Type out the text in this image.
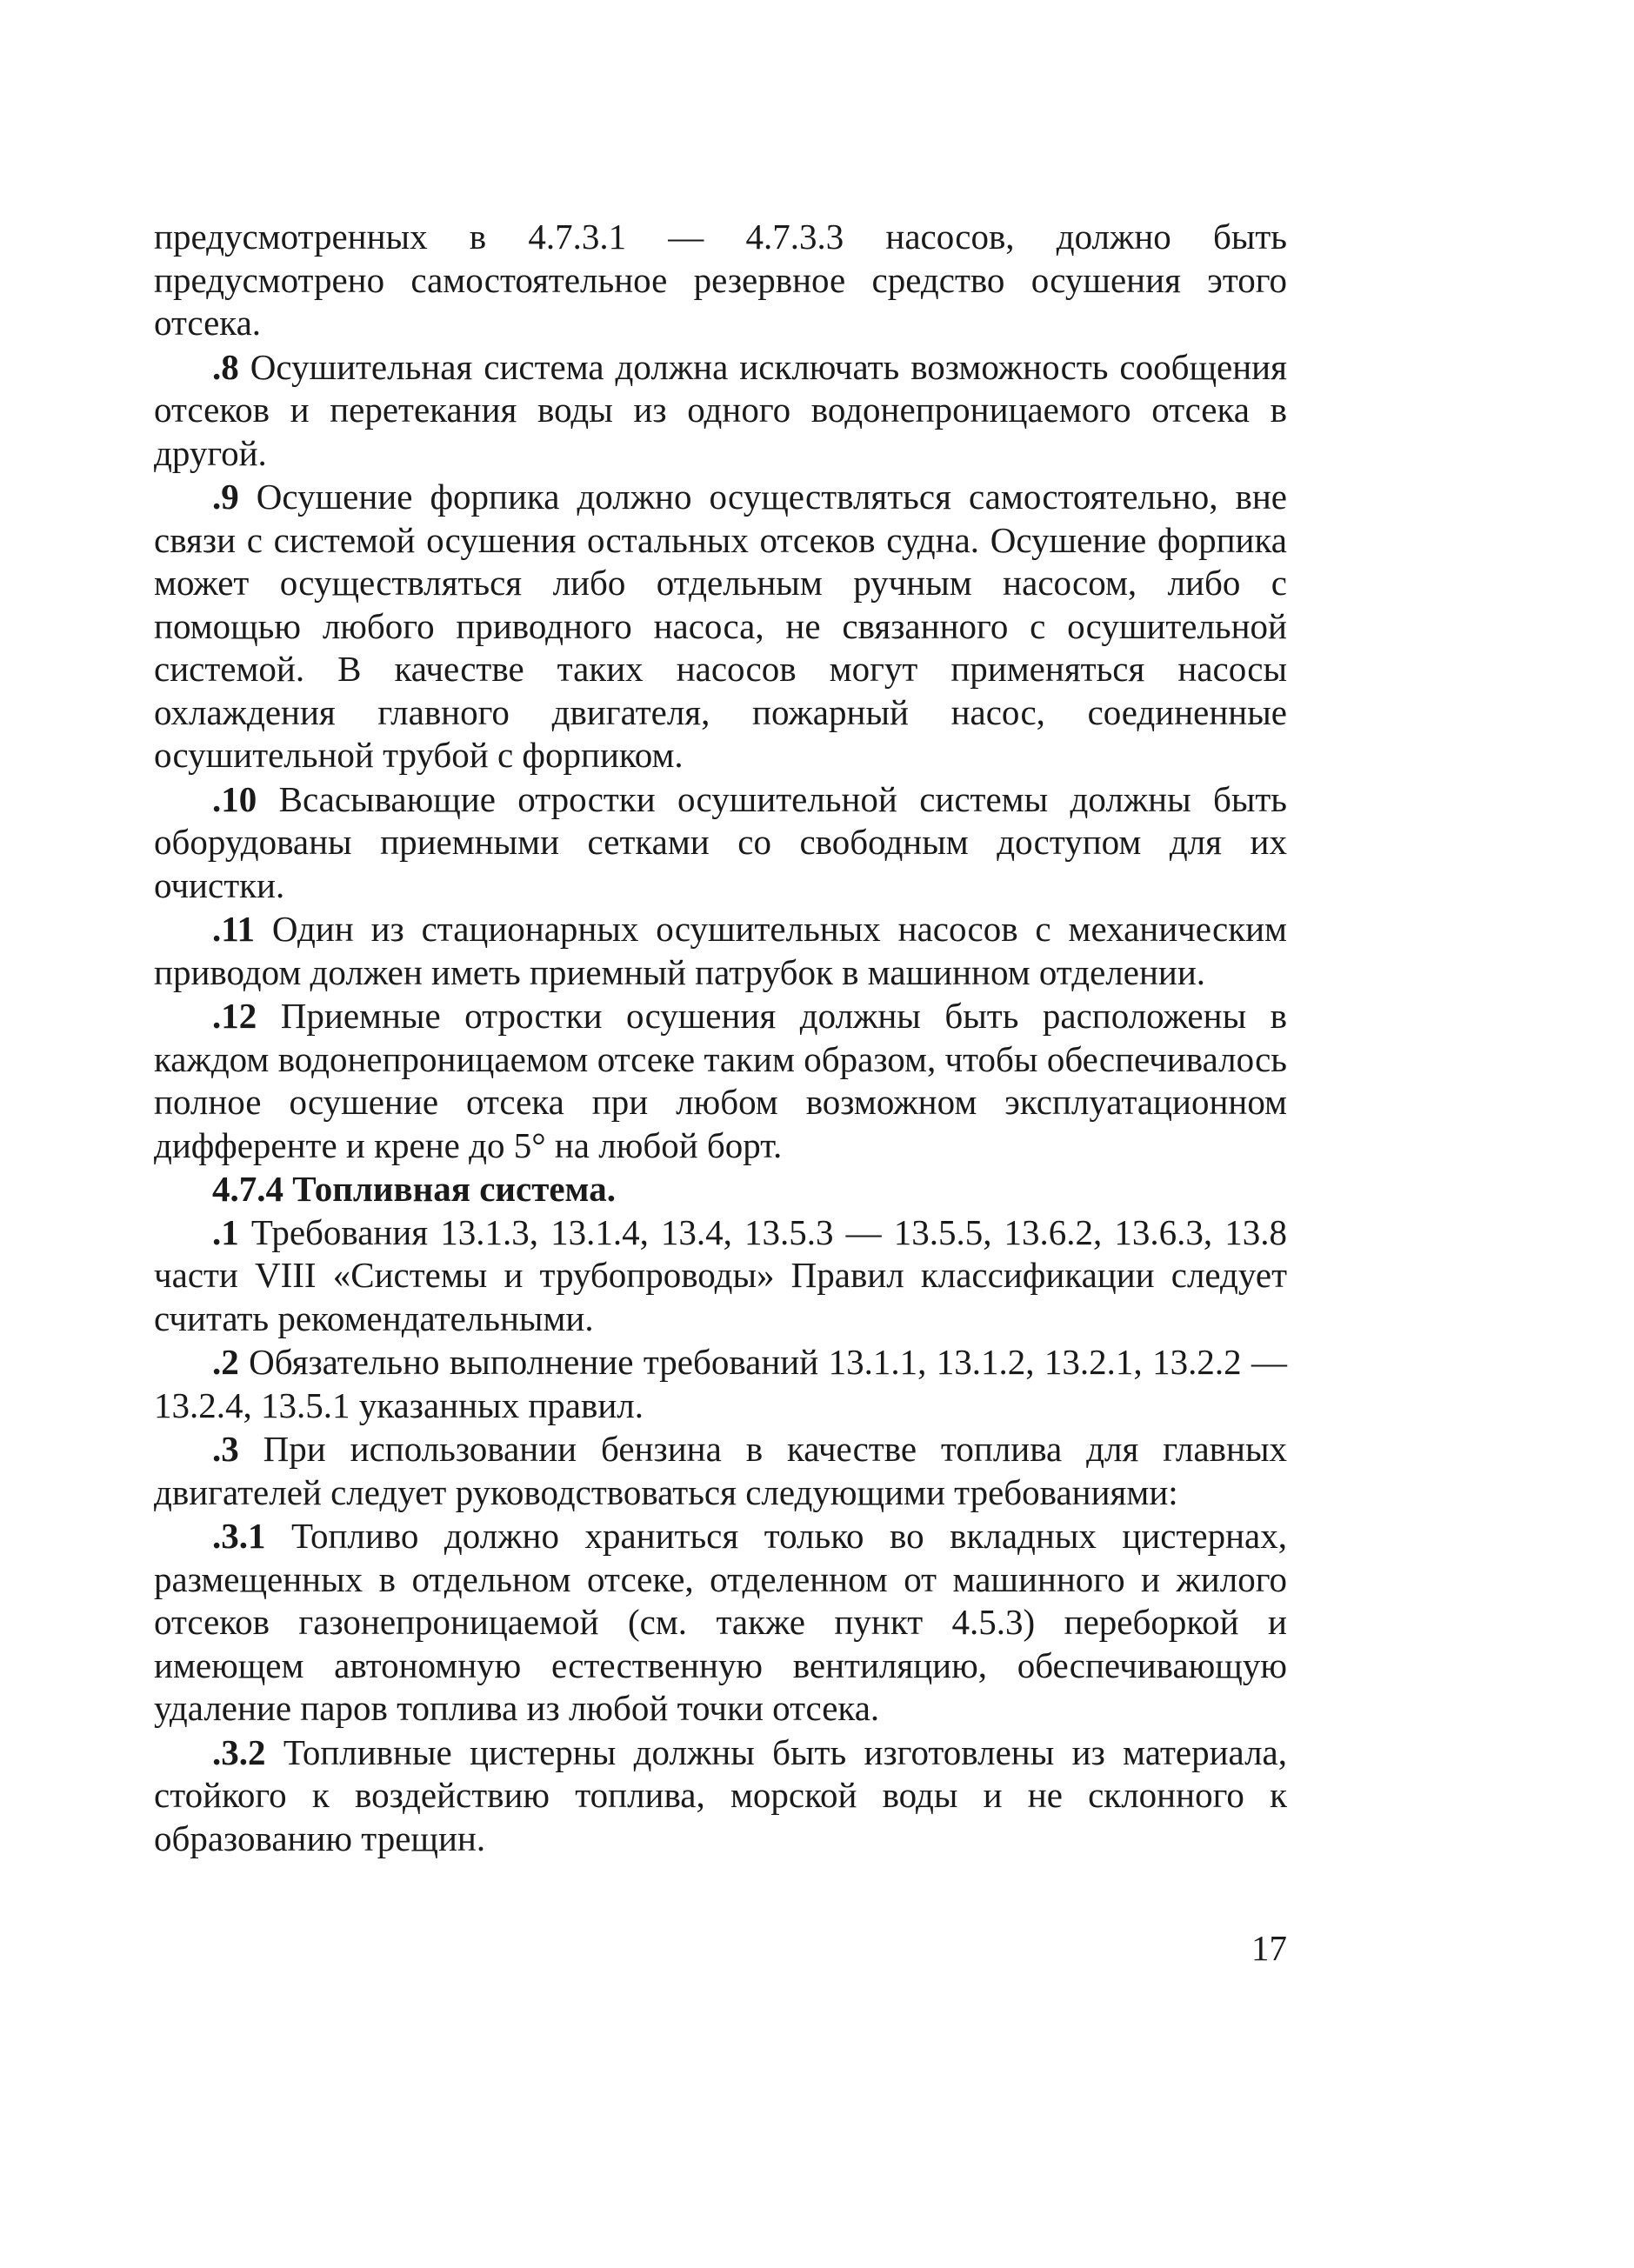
предусмотренных в 4.7.3.1 — 4.7.3.3 насосов, должно быть предусмотрено самостоятельное резервное средство осушения этого отсека.

.8 Осушительная система должна исключать возможность сообщения отсеков и перетекания воды из одного водонепроницаемого отсека в другой.

.9 Осушение форпика должно осуществляться самостоятельно, вне связи с системой осушения остальных отсеков судна. Осушение форпика может осуществляться либо отдельным ручным насосом, либо с помощью любого приводного насоса, не связанного с осушительной системой. В качестве таких насосов могут применяться насосы охлаждения главного двигателя, пожарный насос, соединенные осушительной трубой с форпиком.

.10 Всасывающие отростки осушительной системы должны быть оборудованы приемными сетками со свободным доступом для их очистки.

.11 Один из стационарных осушительных насосов с механическим приводом должен иметь приемный патрубок в машинном отделении.

.12 Приемные отростки осушения должны быть расположены в каждом водонепроницаемом отсеке таким образом, чтобы обеспечивалось полное осушение отсека при любом возможном эксплуатационном дифференте и крене до 5° на любой борт.

4.7.4 Топливная система.

.1 Требования 13.1.3, 13.1.4, 13.4, 13.5.3 — 13.5.5, 13.6.2, 13.6.3, 13.8 части VIII «Системы и трубопроводы» Правил классификации следует считать рекомендательными.

.2 Обязательно выполнение требований 13.1.1, 13.1.2, 13.2.1, 13.2.2 — 13.2.4, 13.5.1 указанных правил.

.3 При использовании бензина в качестве топлива для главных двигателей следует руководствоваться следующими требованиями:

.3.1 Топливо должно храниться только во вкладных цистернах, размещенных в отдельном отсеке, отделенном от машинного и жилого отсеков газонепроницаемой (см. также пункт 4.5.3) переборкой и имеющем автономную естественную вентиляцию, обеспечивающую удаление паров топлива из любой точки отсека.

.3.2 Топливные цистерны должны быть изготовлены из материала, стойкого к воздействию топлива, морской воды и не склонного к образованию трещин.

17
